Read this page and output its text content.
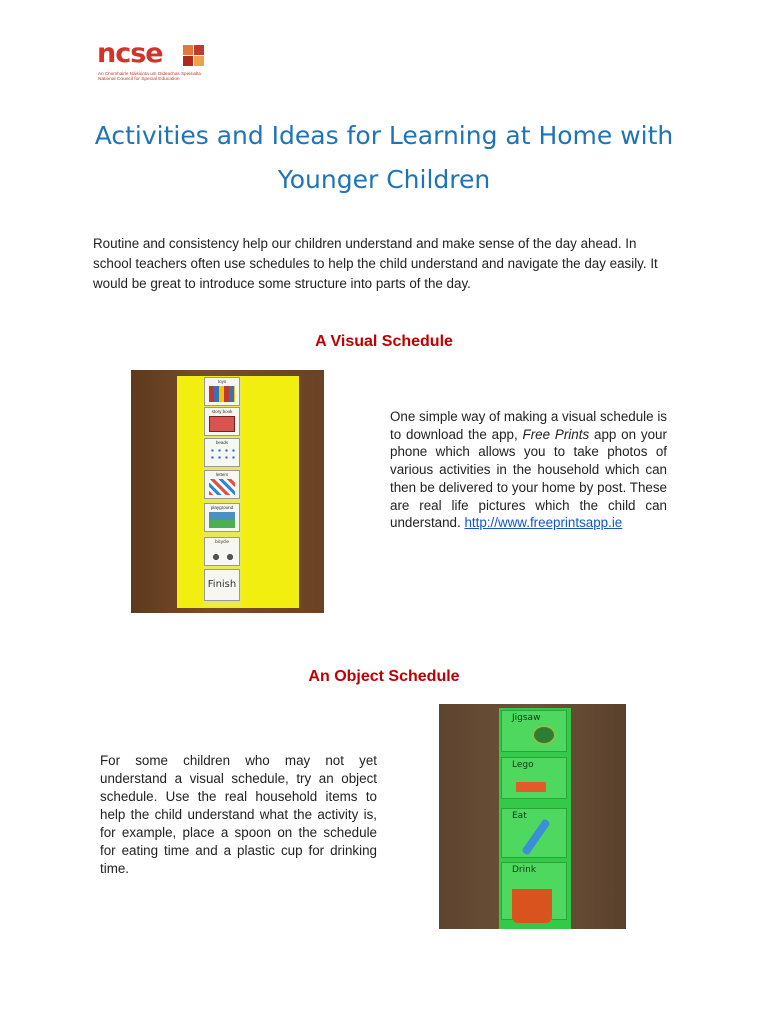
ncse
An Chomhairle Náisiúnta um Oideachas Speisialta
National Council for Special Education
Activities and Ideas for Learning at Home with Younger Children
Routine and consistency help our children understand and make sense of the day ahead. In school teachers often use schedules to help the child understand and navigate the day easily. It would be great to introduce some structure into parts of the day.
A Visual Schedule
toys
story book
beads
letters
playground
bicycle
Finish
One simple way of making a visual schedule is to download the app, Free Prints app on your phone which allows you to take photos of various activities in the household which can then be delivered to your home by post. These are real life pictures which the child can understand. http://www.freeprintsapp.ie
An Object Schedule
For some children who may not yet understand a visual schedule, try an object schedule. Use the real household items to help the child understand what the activity is, for example, place a spoon on the schedule for eating time and a plastic cup for drinking time.
Jigsaw
Lego
Eat
Drink
